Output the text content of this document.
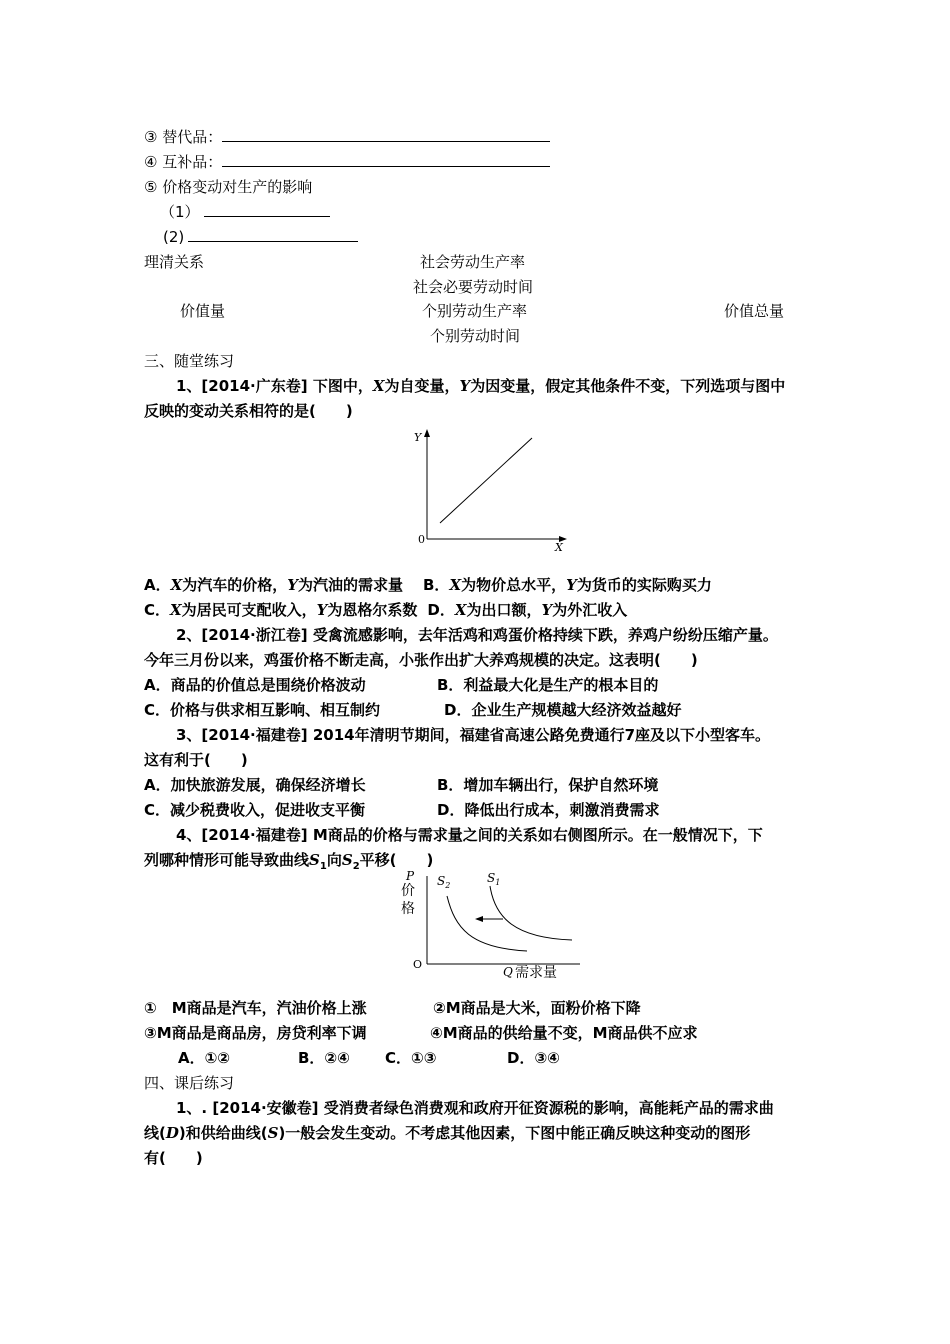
③ 替代品：
④ 互补品：
⑤ 价格变动对生产的影响
（1）
(2)
理清关系	社会劳动生产率
社会必要劳动时间
价值量	个别劳动生产率	价值总量
个别劳动时间
三、随堂练习
1、[2014·广东卷] 下图中，X为自变量，Y为因变量，假定其他条件不变，下列选项与图中
反映的变动关系相符的是(　　)
Y
X
0
A．X为汽车的价格，Y为汽油的需求量 B．X为物价总水平，Y为货币的实际购买力
C．X为居民可支配收入，Y为恩格尔系数 D．X为出口额，Y为外汇收入
2、[2014·浙江卷] 受禽流感影响，去年活鸡和鸡蛋价格持续下跌，养鸡户纷纷压缩产量。
今年三月份以来，鸡蛋价格不断走高，小张作出扩大养鸡规模的决定。这表明(　　)
A．商品的价值总是围绕价格波动	B．利益最大化是生产的根本目的
C．价格与供求相互影响、相互制约	D．企业生产规模越大经济效益越好
3、[2014·福建卷] 2014年清明节期间，福建省高速公路免费通行7座及以下小型客车。
这有利于(　　)
A．加快旅游发展，确保经济增长	B．增加车辆出行，保护自然环境
C．减少税费收入，促进收支平衡	D．降低出行成本，刺激消费需求
4、[2014·福建卷] M商品的价格与需求量之间的关系如右侧图所示。在一般情况下，下
列哪种情形可能导致曲线$S_1$向$S_2$平移(　　)
P
价
格
$S_2$
$S_1$
O
Q 需求量
①　M商品是汽车，汽油价格上涨	②M商品是大米，面粉价格下降
③M商品是商品房，房贷利率下调	④M商品的供给量不变，M商品供不应求
A．①②	B．②④ C．①③	D．③④
四、课后练习
1、. [2014·安徽卷] 受消费者绿色消费观和政府开征资源税的影响，高能耗产品的需求曲
线(D)和供给曲线(S)一般会发生变动。不考虑其他因素，下图中能正确反映这种变动的图形
有(　　)
